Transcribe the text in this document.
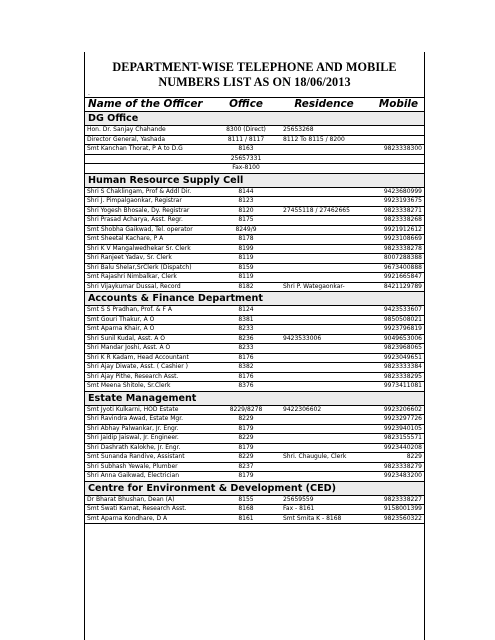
DEPARTMENT-WISE TELEPHONE AND MOBILE
NUMBERS LIST AS ON 18/06/2013
.
Name of the Officer	Office	Residence	Mobile
DG Office			
Hon. Dr. Sanjay Chahande	8300 (Direct)	25653268	
Director General, Yashada	8111 / 8117	8112 To 8115 / 8200	
Smt Kanchan Thorat, P A to D.G	8163		9823338300
	25657331		
	Fax-8100		
Human Resource Supply Cell			
Shri S Chaklingam, Prof & Addl Dir.	8144		9423680999
Shri J. Pimpalgaonkar, Registrar	8123		9923193675
Shri Yogesh Bhosale, Dy. Registrar	8120	27455118 / 27462665	9823338271
Shri Prasad Acharya, Asst. Regr.	8175		9823338268
Smt Shobha Gaikwad, Tel. operator	8249/9		9921912612
Smt Sheetal Kachare, P A	8178		9923108669
Shri K V Mangalwedhekar Sr. Clerk	8199		9823338278
Shri Ranjeet Yadav, Sr. Clerk	8119		8007288388
Shri Balu Shelar,SrClerk (Dispatch)	8159		9673400888
Smt Rajashri Nimbalkar, Clerk	8119		9921665847
Shri Vijaykumar Dussal, Record	8182	Shri P. Wategaonkar-	8421129789
Accounts & Finance Department			
Smt S S Pradhan, Prof. & F A	8124		9423533607
Smt Gouri Thakur, A O	8381		9850508021
Smt Aparna Khair, A O	8233		9923796819
Shri Sunil Kudal, Asst. A O	8236	9423533006	9049653006
Shri Mandar Joshi, Asst. A O	8233		9823968065
Shri K R Kadam, Head Accountant	8176		9923049651
Shri Ajay Diwate, Asst. ( Cashier )	8382		9823333384
Shri Ajay Pithe, Research Asst.	8176		9823338295
Smt Meena Shitole, Sr.Clerk	8376		9973411081
Estate Management			
Smt Jyoti Kulkarni, HOD Estate	8229/8278	9422306602	9923206602
Shri Ravindra Awad, Estate Mgr.	8229		9923297726
Shri Abhay Palwankar, Jr. Engr.	8179		9923940105
Shri Jaidip Jaiswal, Jr. Engineer.	8229		9823155571
Shri Dashrath Kalokhe, Jr. Engr.	8179		9923440208
Smt Sunanda Randive, Assistant	8229	Shri. Chaugule, Clerk	8229
Shri Subhash Yewale, Plumber	8237		9823338279
Shri Anna Gaikwad, Electrician	8179		9923483200
Centre for Environment & Development (CED)			
Dr Bharat Bhushan, Dean (A)	8155	25659559	9823338227
Smt Swati Kamat, Research Asst.	8168	Fax - 8161	9158001399
Smt Aparna Kondhare, D A	8161	Smt Smita K - 8168	9823560322
